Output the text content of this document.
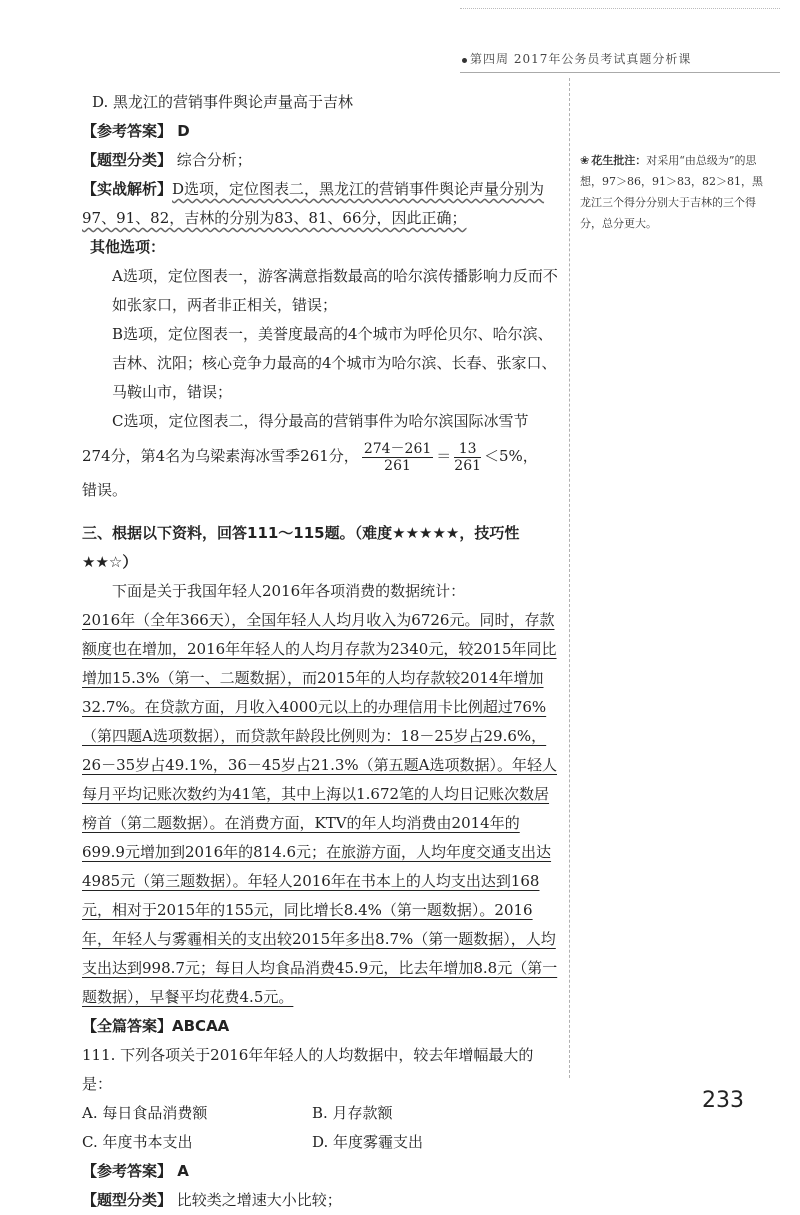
第四周 2017年公务员考试真题分析课

D. 黑龙江的营销事件舆论声量高于吉林

【参考答案】 D

【题型分类】 综合分析；

【实战解析】D选项，定位图表二，黑龙江的营销事件舆论声量分别为97、91、82，吉林的分别为83、81、66分，因此正确；

其他选项：

A选项，定位图表一，游客满意指数最高的哈尔滨传播影响力反而不如张家口，两者非正相关，错误；

B选项，定位图表一，美誉度最高的4个城市为呼伦贝尔、哈尔滨、吉林、沈阳；核心竞争力最高的4个城市为哈尔滨、长春、张家口、马鞍山市，错误；

C选项，定位图表二，得分最高的营销事件为哈尔滨国际冰雪节

274分，第4名为乌梁素海冰雪季261分， $\frac{274-261}{261} = \frac{13}{261} <5\%$，

错误。

三、根据以下资料，回答111～115题。（难度★★★★★，技巧性★★☆）

下面是关于我国年轻人2016年各项消费的数据统计：

2016年（全年366天），全国年轻人人均月收入为6726元。同时，存款额度也在增加，2016年年轻人的人均月存款为2340元，较2015年同比增加15.3%（第一、二题数据），而2015年的人均存款较2014年增加32.7%。在贷款方面，月收入4000元以上的办理信用卡比例超过76%（第四题A选项数据），而贷款年龄段比例则为：18－25岁占29.6%，26－35岁占49.1%，36－45岁占21.3%（第五题A选项数据）。年轻人每月平均记账次数约为41笔，其中上海以1.672笔的人均日记账次数居榜首（第二题数据）。在消费方面，KTV的年人均消费由2014年的699.9元增加到2016年的814.6元；在旅游方面，人均年度交通支出达4985元（第三题数据）。年轻人2016年在书本上的人均支出达到168元，相对于2015年的155元，同比增长8.4%（第一题数据）。2016年，年轻人与雾霾相关的支出较2015年多出8.7%（第一题数据），人均支出达到998.7元；每日人均食品消费45.9元，比去年增加8.8元（第一题数据），早餐平均花费4.5元。

【全篇答案】ABCAA

111. 下列各项关于2016年年轻人的人均数据中，较去年增幅最大的是：

A. 每日食品消费额	B. 月存款额
C. 年度书本支出	D. 年度雾霾支出

【参考答案】 A

【题型分类】 比较类之增速大小比较；

❀ 花生批注：对采用“由总级为”的思想，97＞86，91＞83，82＞81，黑龙江三个得分分别大于吉林的三个得分，总分更大。
233
